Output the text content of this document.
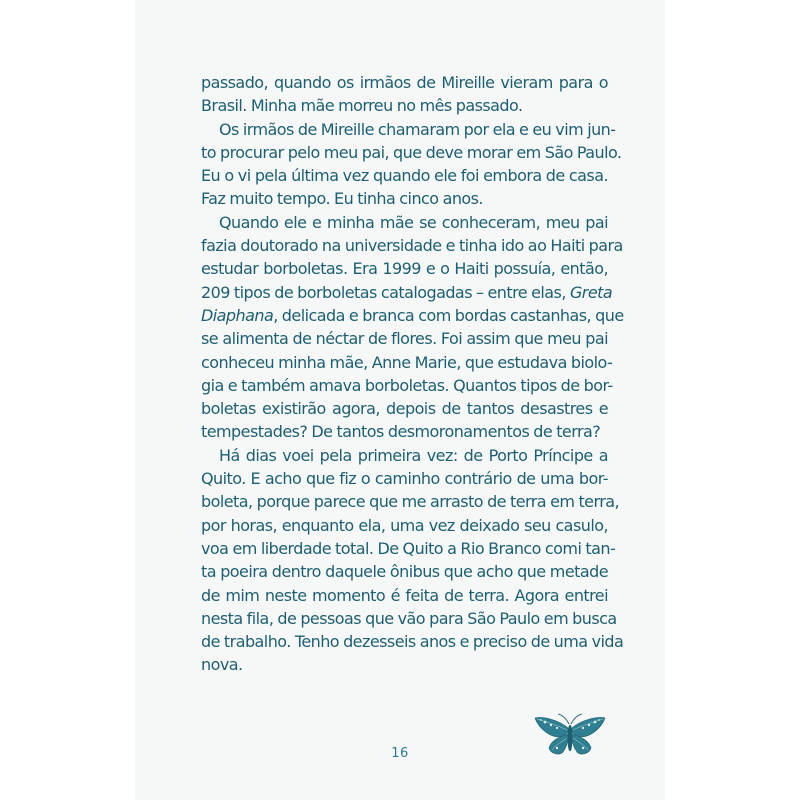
passado, quando os irmãos de Mireille vieram para o
Brasil. Minha mãe morreu no mês passado.
Os irmãos de Mireille chamaram por ela e eu vim jun-
to procurar pelo meu pai, que deve morar em São Paulo.
Eu o vi pela última vez quando ele foi embora de casa.
Faz muito tempo. Eu tinha cinco anos.
Quando ele e minha mãe se conheceram, meu pai
fazia doutorado na universidade e tinha ido ao Haiti para
estudar borboletas. Era 1999 e o Haiti possuía, então,
209 tipos de borboletas catalogadas – entre elas, Greta
Diaphana, delicada e branca com bordas castanhas, que
se alimenta de néctar de flores. Foi assim que meu pai
conheceu minha mãe, Anne Marie, que estudava biolo-
gia e também amava borboletas. Quantos tipos de bor-
boletas existirão agora, depois de tantos desastres e
tempestades? De tantos desmoronamentos de terra?
Há dias voei pela primeira vez: de Porto Príncipe a
Quito. E acho que fiz o caminho contrário de uma bor-
boleta, porque parece que me arrasto de terra em terra,
por horas, enquanto ela, uma vez deixado seu casulo,
voa em liberdade total. De Quito a Rio Branco comi tan-
ta poeira dentro daquele ônibus que acho que metade
de mim neste momento é feita de terra. Agora entrei
nesta fila, de pessoas que vão para São Paulo em busca
de trabalho. Tenho dezesseis anos e preciso de uma vida
nova.
16
